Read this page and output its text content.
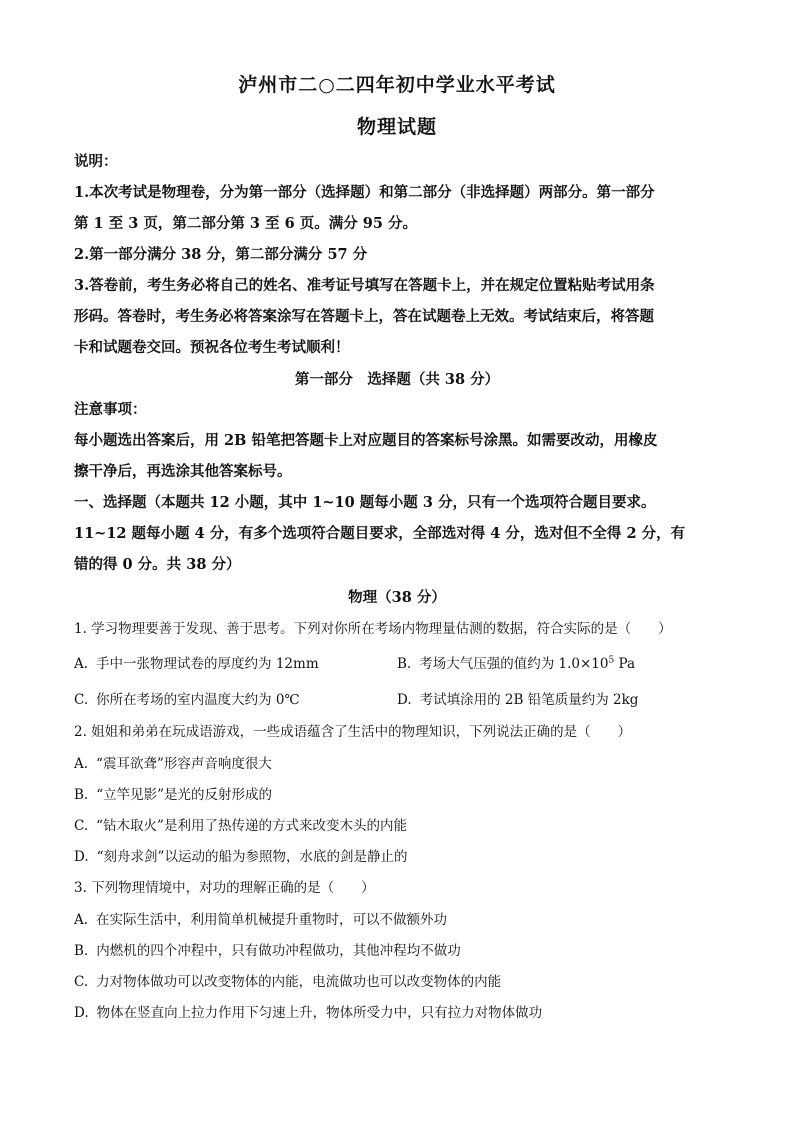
泸州市二○二四年初中学业水平考试
物理试题

说明：

1.本次考试是物理卷，分为第一部分（选择题）和第二部分（非选择题）两部分。第一部分

第 1 至 3 页，第二部分第 3 至 6 页。满分 95 分。

2.第一部分满分 38 分，第二部分满分 57 分

3.答卷前，考生务必将自己的姓名、准考证号填写在答题卡上，并在规定位置粘贴考试用条

形码。答卷时，考生务必将答案涂写在答题卡上，答在试题卷上无效。考试结束后，将答题

卡和试题卷交回。预祝各位考生考试顺利！

第一部分　选择题（共 38 分）

注意事项：

每小题选出答案后，用 2B 铅笔把答题卡上对应题目的答案标号涂黑。如需要改动，用橡皮

擦干净后，再选涂其他答案标号。

一、选择题（本题共 12 小题，其中 1~10 题每小题 3 分，只有一个选项符合题目要求。

11~12 题每小题 4 分，有多个选项符合题目要求，全部选对得 4 分，选对但不全得 2 分，有

错的得 0 分。共 38 分）

物理（38 分）
1. 学习物理要善于发现、善于思考。下列对你所在考场内物理量估测的数据，符合实际的是（　　）
A. 手中一张物理试卷的厚度约为 12mm	B. 考场大气压强的值约为 $1.0\times 10^5$ Pa
C. 你所在考场的室内温度大约为 0℃	D. 考试填涂用的 2B 铅笔质量约为 2kg
2. 姐姐和弟弟在玩成语游戏，一些成语蕴含了生活中的物理知识，下列说法正确的是（　　）
A. “震耳欲聋”形容声音响度很大
B. “立竿见影”是光的反射形成的
C. “钻木取火”是利用了热传递的方式来改变木头的内能
D. “刻舟求剑”以运动的船为参照物，水底的剑是静止的
3. 下列物理情境中，对功的理解正确的是（　　）
A. 在实际生活中，利用简单机械提升重物时，可以不做额外功
B. 内燃机的四个冲程中，只有做功冲程做功，其他冲程均不做功
C. 力对物体做功可以改变物体的内能，电流做功也可以改变物体的内能
D. 物体在竖直向上拉力作用下匀速上升，物体所受力中，只有拉力对物体做功
